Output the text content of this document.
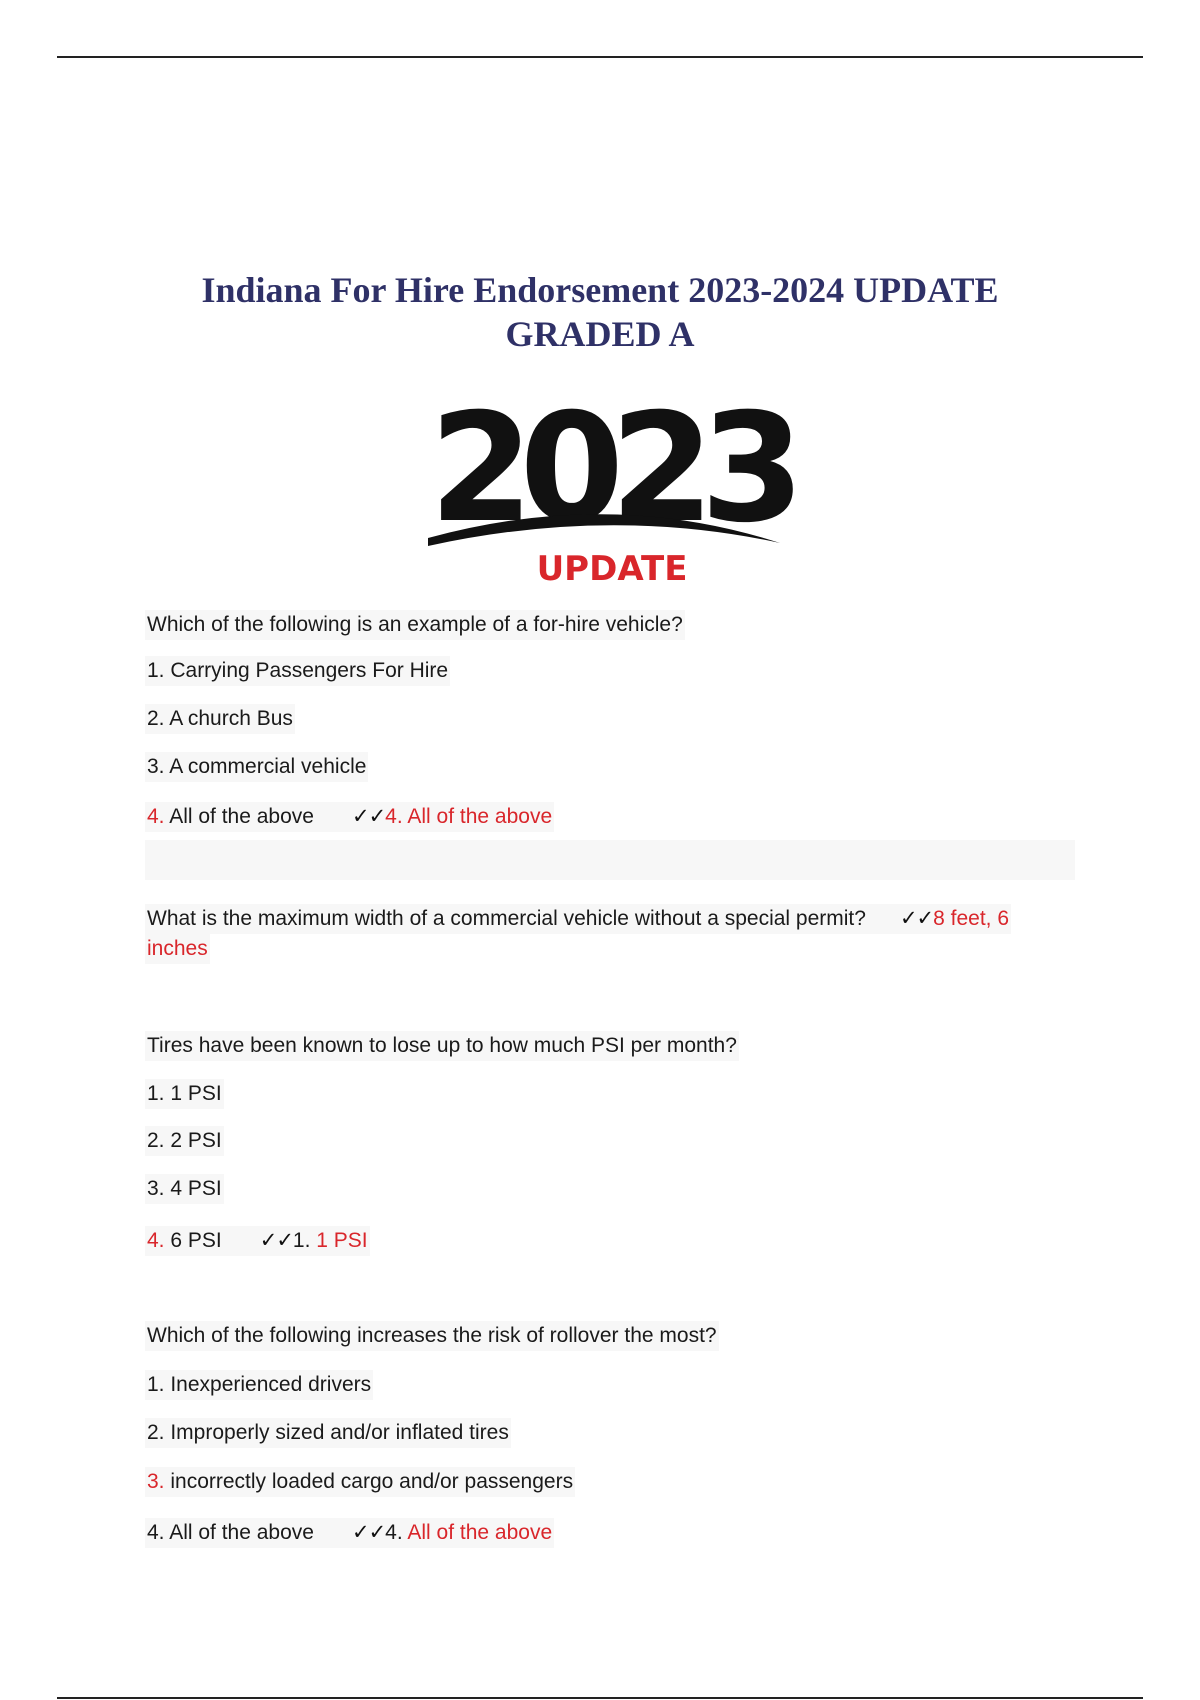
Indiana For Hire Endorsement 2023-2024 UPDATE
GRADED A
2023
UPDATE
Which of the following is an example of a for-hire vehicle?
1. Carrying Passengers For Hire
2. A church Bus
3. A commercial vehicle
4. All of the above ✓✓4. All of the above
What is the maximum width of a commercial vehicle without a special permit? ✓✓8 feet, 6
inches
Tires have been known to lose up to how much PSI per month?
1. 1 PSI
2. 2 PSI
3. 4 PSI
4. 6 PSI ✓✓1. 1 PSI
Which of the following increases the risk of rollover the most?
1. Inexperienced drivers
2. Improperly sized and/or inflated tires
3. incorrectly loaded cargo and/or passengers
4. All of the above ✓✓4. All of the above
